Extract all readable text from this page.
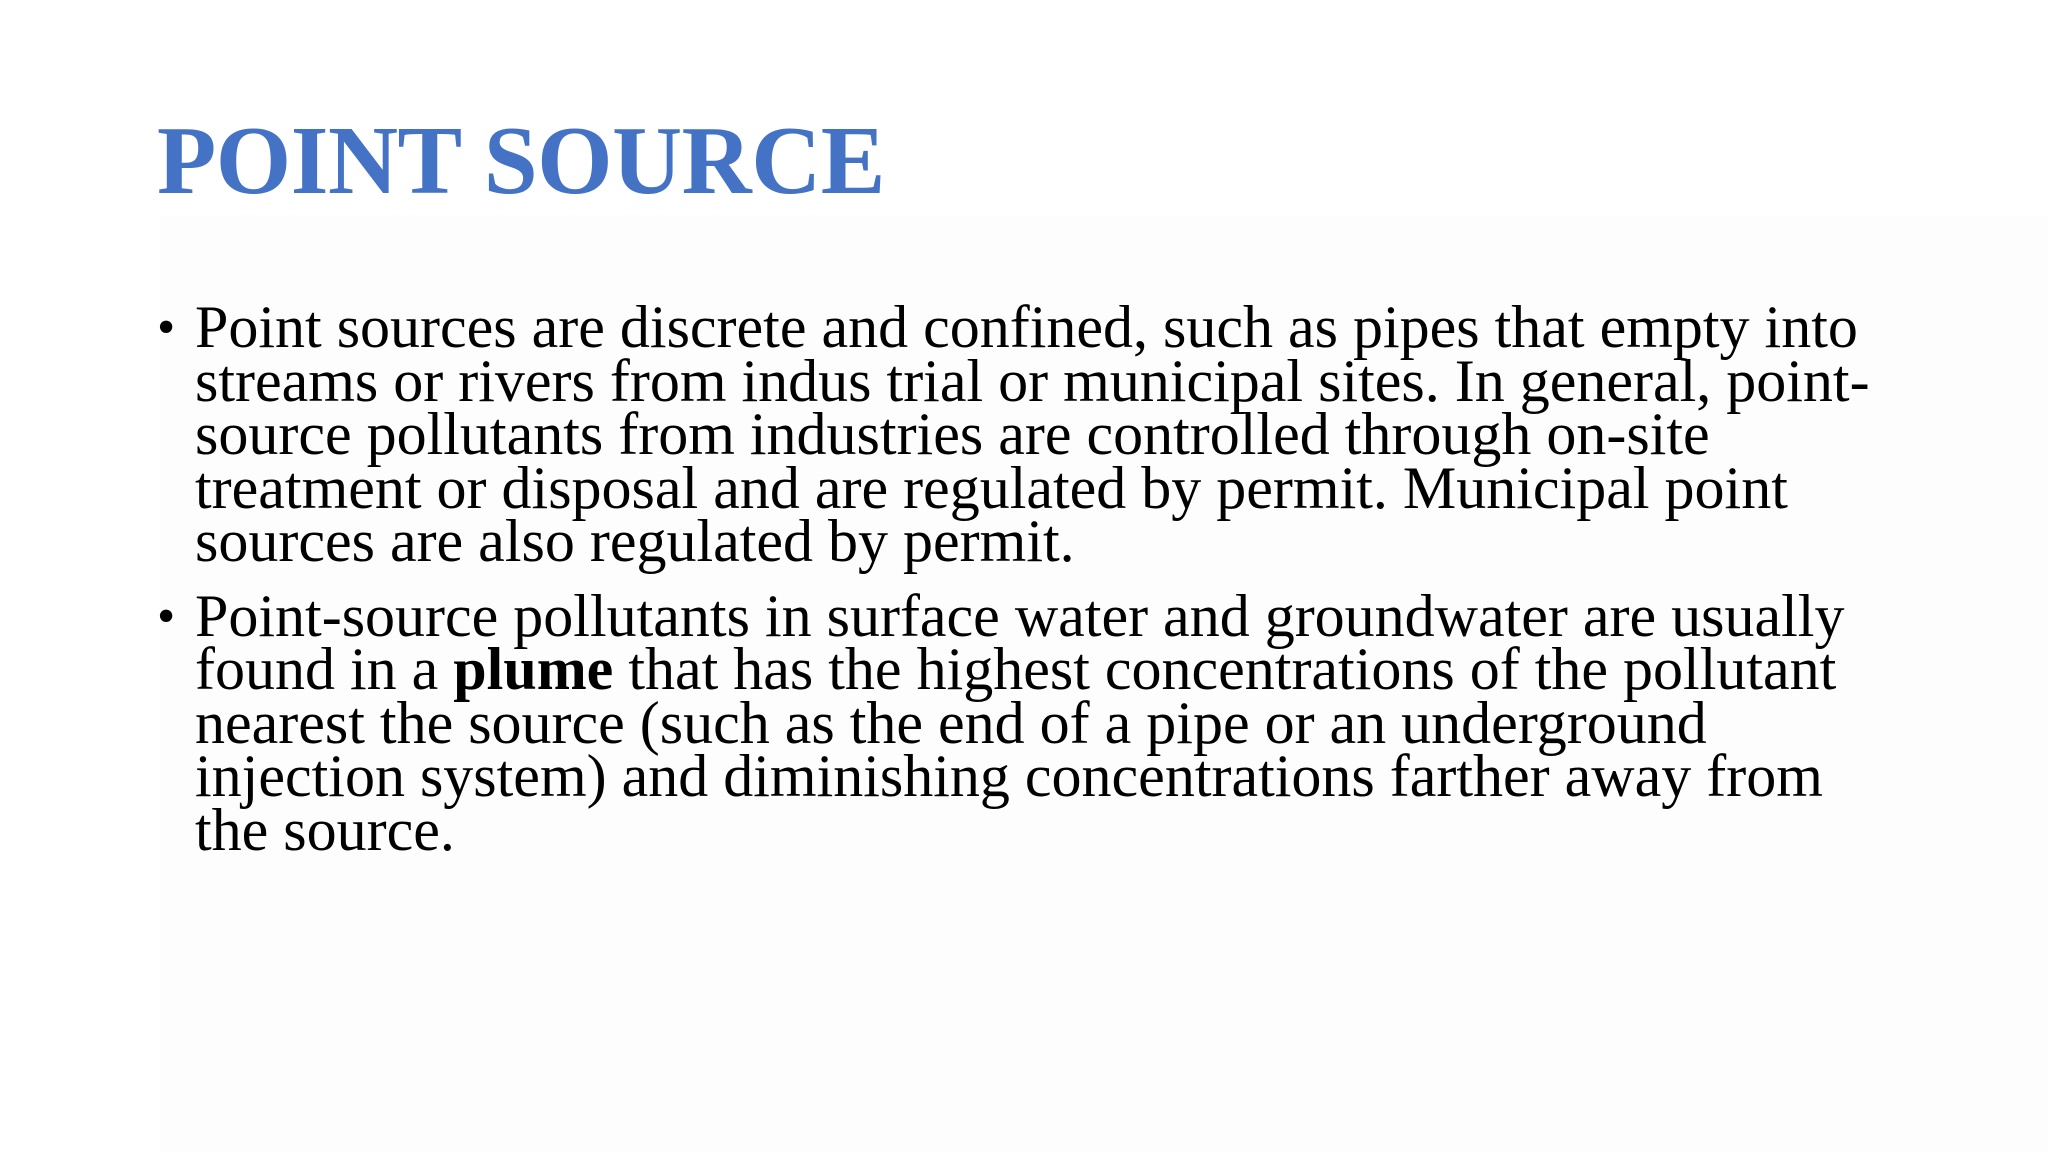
POINT SOURCE
• Point sources are discrete and confined, such as pipes that empty into streams or rivers from indus trial or municipal sites. In general, point-source pollutants from industries are controlled through on-site treatment or disposal and are regulated by permit. Municipal point sources are also regulated by permit.
• Point-source pollutants in surface water and groundwater are usually found in a plume that has the highest concentrations of the pollutant nearest the source (such as the end of a pipe or an underground injection system) and diminishing concentrations farther away from the source.
